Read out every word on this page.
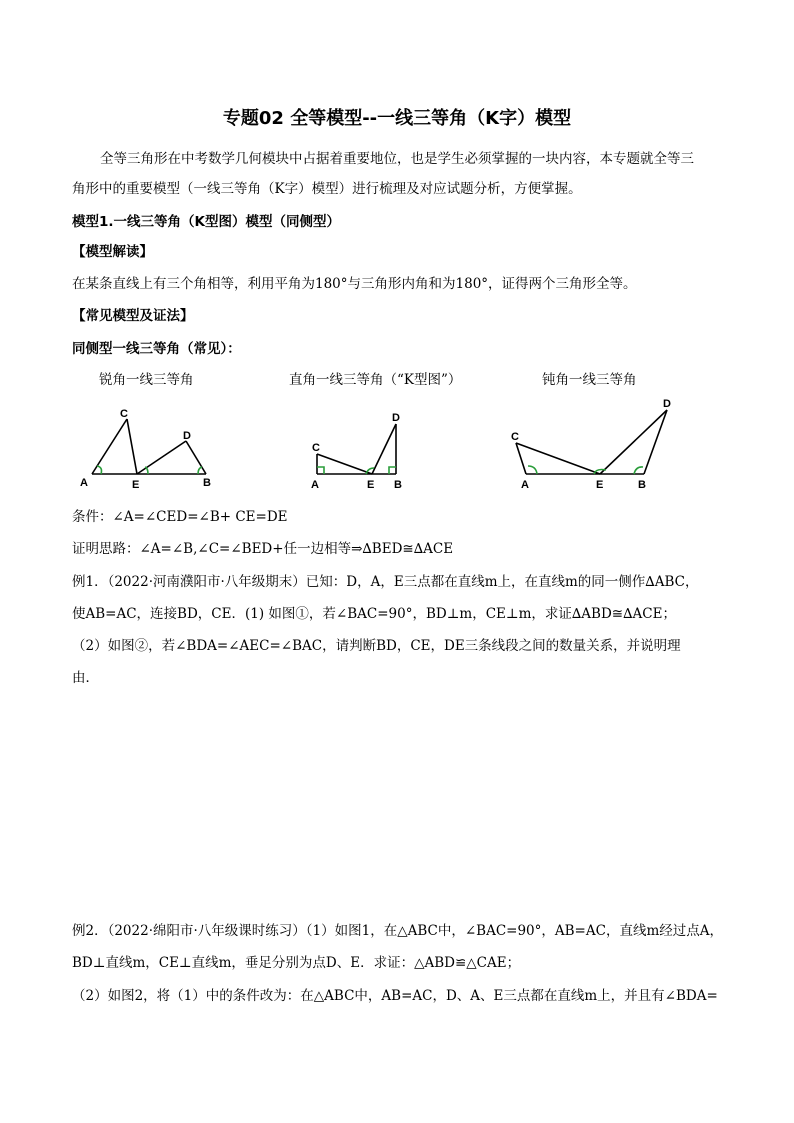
专题02 全等模型--一线三等角（K字）模型
全等三角形在中考数学几何模块中占据着重要地位，也是学生必须掌握的一块内容，本专题就全等三
角形中的重要模型（一线三等角（K字）模型）进行梳理及对应试题分析，方便掌握。
模型1.一线三等角（K型图）模型（同侧型）
【模型解读】
在某条直线上有三个角相等，利用平角为180°与三角形内角和为180°，证得两个三角形全等。
【常见模型及证法】
同侧型一线三等角（常见）：
锐角一线三等角	直角一线三等角（“K型图”）	钝角一线三等角
A
C
E
D
B
C
D
A	E B
C
D
A	E	B
条件：∠A=∠CED=∠B+ CE=DE
证明思路：∠A=∠B,∠C=∠BED+任一边相等⇒∆BED≅∆ACE
例1．（2022·河南濮阳市·八年级期末）已知：D，A，E三点都在直线m上，在直线m的同一侧作∆ABC，
使AB=AC，连接BD，CE．(1) 如图①，若∠BAC=90°，BD⊥m，CE⊥m，求证∆ABD≅∆ACE；
（2）如图②，若∠BDA=∠AEC=∠BAC，请判断BD，CE，DE三条线段之间的数量关系，并说明理
由．
例2．（2022·绵阳市·八年级课时练习）（1）如图1，在△ABC中，∠BAC=90°，AB=AC，直线m经过点A，
BD⊥直线m，CE⊥直线m，垂足分别为点D、E．求证：△ABD≌△CAE；
（2）如图2，将（1）中的条件改为：在△ABC中，AB=AC，D、A、E三点都在直线m上，并且有∠BDA=
